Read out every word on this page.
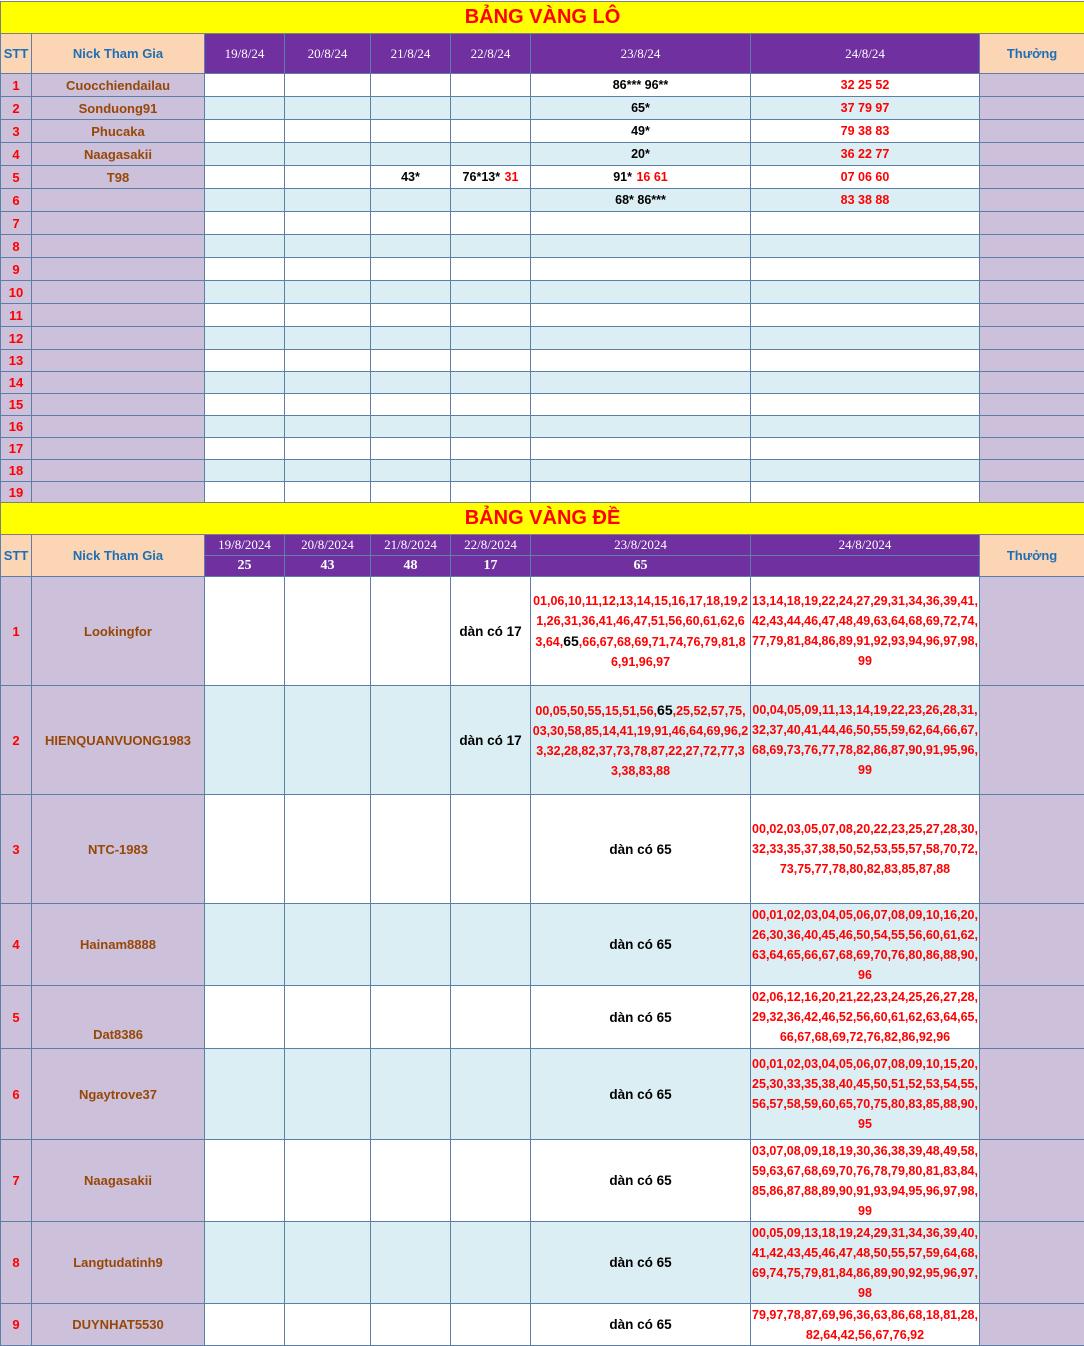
BẢNG VÀNG LÔ								
STT	Nick Tham Gia	19/8/24	20/8/24	21/8/24	22/8/24	23/8/24	24/8/24	Thưởng
1	Cuocchiendailau					86*** 96**	32 25 52	
2	Sonduong91					65*	37 79 97	
3	Phucaka					49*	79 38 83	
4	Naagasakii					20*	36 22 77	
5	T98			43*	76*13* 31	91* 16 61	07 06 60	
6						68* 86***	83 38 88	
7								
8								
9								
10								
11								
12								
13								
14								
15								
16								
17								
18								
19								
BẢNG VÀNG ĐỀ								
STT	Nick Tham Gia	19/8/2024	20/8/2024	21/8/2024	22/8/2024	23/8/2024	24/8/2024	Thưởng
		25	43	48	17	65		
1	Lookingfor				dàn có 17	01,06,10,11,12,13,14,15,16,17,18,19,21,26,31,36,41,46,47,51,56,60,61,62,63,64,65,66,67,68,69,71,74,76,79,81,86,91,96,97	13,14,18,19,22,24,27,29,31,34,36,39,41,42,43,44,46,47,48,49,63,64,68,69,72,74,77,79,81,84,86,89,91,92,93,94,96,97,98,99	

2	HIENQUANVUONG1983				dàn có 17	00,05,50,55,15,51,56,65,25,52,57,75,03,30,58,85,14,41,19,91,46,64,69,96,23,32,28,82,37,73,78,87,22,27,72,77,33,38,83,88	00,04,05,09,11,13,14,19,22,23,26,28,31,32,37,40,41,44,46,50,55,59,62,64,66,67,68,69,73,76,77,78,82,86,87,90,91,95,96,99	

3	NTC-1983					dàn có 65	00,02,03,05,07,08,20,22,23,25,27,28,30,32,33,35,37,38,50,52,53,55,57,58,70,72,73,75,77,78,80,82,83,85,87,88	

4	Hainam8888					dàn có 65	00,01,02,03,04,05,06,07,08,09,10,16,20,26,30,36,40,45,46,50,54,55,56,60,61,62,63,64,65,66,67,68,69,70,76,80,86,88,90,96	

5	Dat8386					dàn có 65	02,06,12,16,20,21,22,23,24,25,26,27,28,29,32,36,42,46,52,56,60,61,62,63,64,65,66,67,68,69,72,76,82,86,92,96	

6	Ngaytrove37					dàn có 65	00,01,02,03,04,05,06,07,08,09,10,15,20,25,30,33,35,38,40,45,50,51,52,53,54,55,56,57,58,59,60,65,70,75,80,83,85,88,90,95	

7	Naagasakii					dàn có 65	03,07,08,09,18,19,30,36,38,39,48,49,58,59,63,67,68,69,70,76,78,79,80,81,83,84,85,86,87,88,89,90,91,93,94,95,96,97,98,99	

8	Langtudatinh9					dàn có 65	00,05,09,13,18,19,24,29,31,34,36,39,40,41,42,43,45,46,47,48,50,55,57,59,64,68,69,74,75,79,81,84,86,89,90,92,95,96,97,98	

9	DUYNHAT5530					dàn có 65	79,97,78,87,69,96,36,63,86,68,18,81,28,82,64,42,56,67,76,92	
